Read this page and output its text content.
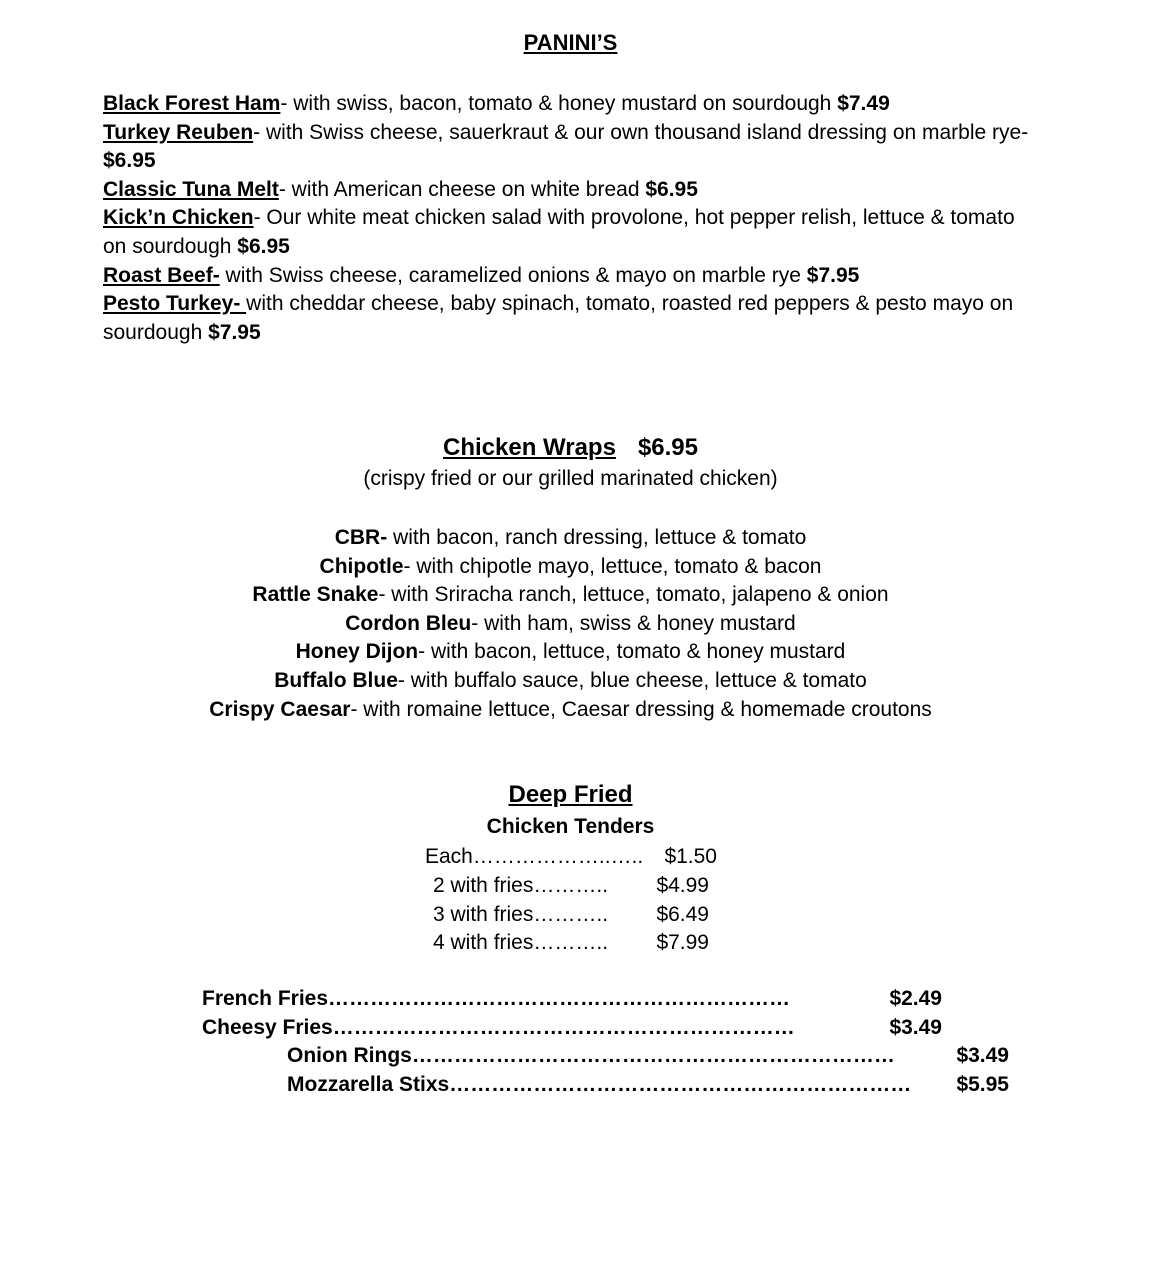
PANINI’S

Black Forest Ham- with swiss, bacon, tomato & honey mustard on sourdough $7.49

Turkey Reuben- with Swiss cheese, sauerkraut & our own thousand island dressing on marble rye- $6.95

Classic Tuna Melt- with American cheese on white bread $6.95

Kick’n Chicken- Our white meat chicken salad with provolone, hot pepper relish, lettuce & tomato on sourdough $6.95

Roast Beef- with Swiss cheese, caramelized onions & mayo on marble rye $7.95

Pesto Turkey- with cheddar cheese, baby spinach, tomato, roasted red peppers & pesto mayo on sourdough $7.95

Chicken Wraps $6.95
(crispy fried or our grilled marinated chicken)
CBR- with bacon, ranch dressing, lettuce & tomato
Chipotle- with chipotle mayo, lettuce, tomato & bacon
Rattle Snake- with Sriracha ranch, lettuce, tomato, jalapeno & onion
Cordon Bleu- with ham, swiss & honey mustard
Honey Dijon- with bacon, lettuce, tomato & honey mustard
Buffalo Blue- with buffalo sauce, blue cheese, lettuce & tomato
Crispy Caesar- with romaine lettuce, Caesar dressing & homemade croutons
Deep Fried
Chicken Tenders
Each………………..….. $1.50
2 with fries……….. $4.99
3 with fries……….. $6.49
4 with fries……….. $7.99
French Fries…………………………………………………………	$2.49
Cheesy Fries…………………………………………………………	$3.49
Onion Rings……………………………………………………………	$3.49
Mozzarella Stixs………………………………………………………… $5.95
